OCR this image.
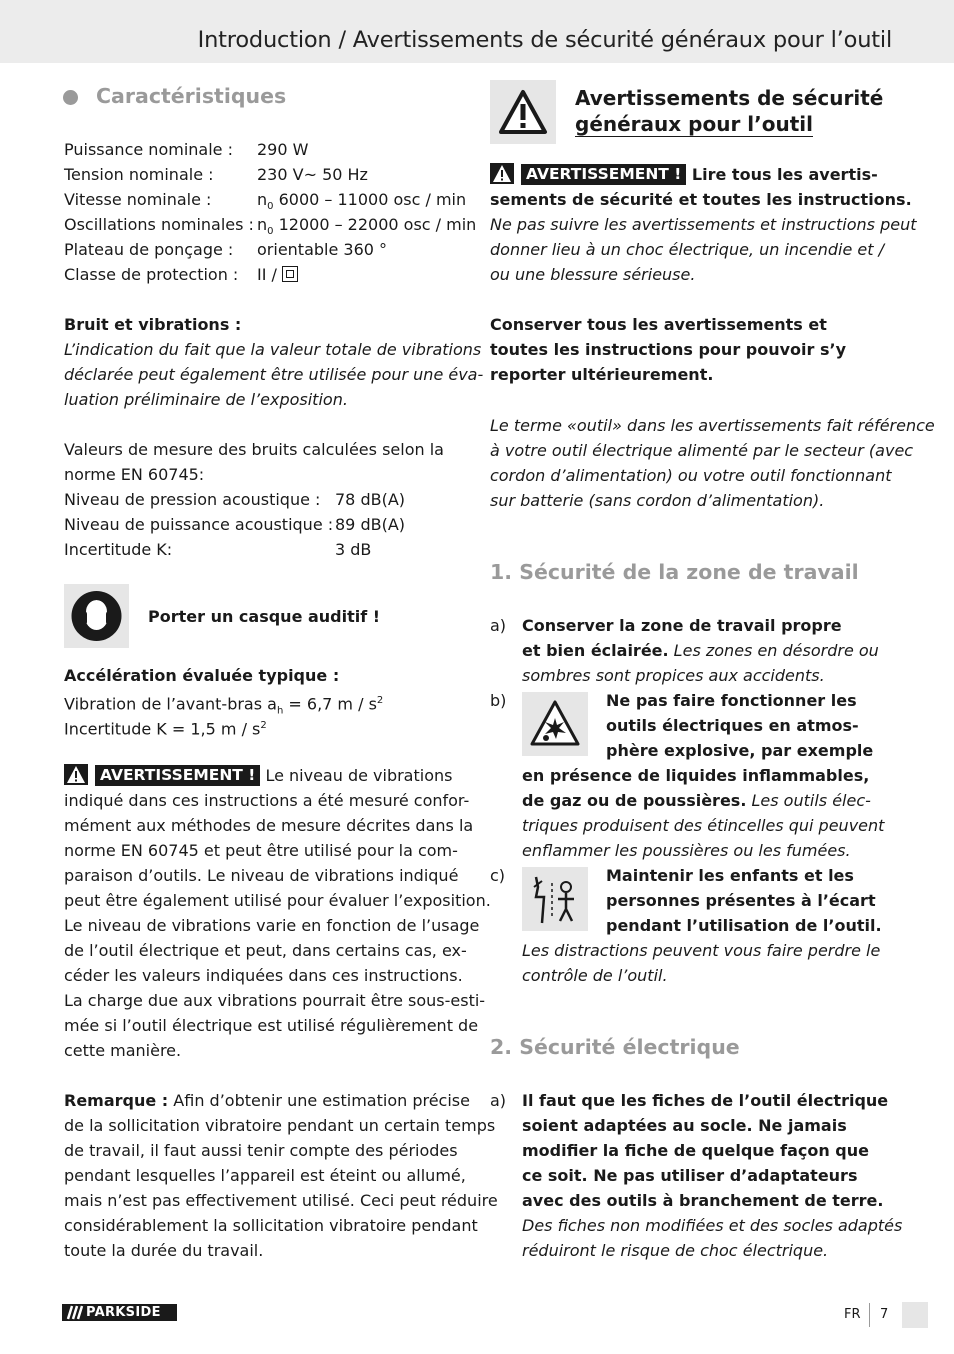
Introduction / Avertissements de sécurité généraux pour l’outil
Caractéristiques
Puissance nominale : 290 W
Tension nominale :	230 V~ 50 Hz
Vitesse nominale :	$n_0$ 6000 – 11000 osc / min
Oscillations nominales : $n_0$ 12000 – 22000 osc / min
Plateau de ponçage : orientable 360 °
Classe de protection : II /
Bruit et vibrations :
L’indication du fait que la valeur totale de vibrations
déclarée peut également être utilisée pour une éva-
luation préliminaire de l’exposition.
Valeurs de mesure des bruits calculées selon la
norme EN 60745:
Niveau de pression acoustique : 78 dB(A)
Niveau de puissance acoustique : 89 dB(A)
Incertitude K:	3 dB
Porter un casque auditif !
Accélération évaluée typique :
Vibration de l’avant-bras $a_h = 6,7$ m / $s^2$
Incertitude K = 1,5 m / $s^2$
AVERTISSEMENT ! Le niveau de vibrations
indiqué dans ces instructions a été mesuré confor-
mément aux méthodes de mesure décrites dans la
norme EN 60745 et peut être utilisé pour la com-
paraison d’outils. Le niveau de vibrations indiqué
peut être également utilisé pour évaluer l’exposition.
Le niveau de vibrations varie en fonction de l’usage
de l’outil électrique et peut, dans certains cas, ex-
céder les valeurs indiquées dans ces instructions.
La charge due aux vibrations pourrait être sous-esti-
mée si l’outil électrique est utilisé régulièrement de
cette manière.
Remarque : Afin d’obtenir une estimation précise
de la sollicitation vibratoire pendant un certain temps
de travail, il faut aussi tenir compte des périodes
pendant lesquelles l’appareil est éteint ou allumé,
mais n’est pas effectivement utilisé. Ceci peut réduire
considérablement la sollicitation vibratoire pendant
toute la durée du travail.
Avertissements de sécurité
généraux pour l’outil
AVERTISSEMENT ! Lire tous les avertis-
sements de sécurité et toutes les instructions.
Ne pas suivre les avertissements et instructions peut
donner lieu à un choc électrique, un incendie et /
ou une blessure sérieuse.
Conserver tous les avertissements et
toutes les instructions pour pouvoir s’y
reporter ultérieurement.
Le terme «outil» dans les avertissements fait référence
à votre outil électrique alimenté par le secteur (avec
cordon d’alimentation) ou votre outil fonctionnant
sur batterie (sans cordon d’alimentation).
1. Sécurité de la zone de travail
a) Conserver la zone de travail propre
et bien éclairée. Les zones en désordre ou
sombres sont propices aux accidents.
b)	Ne pas faire fonctionner les
outils électriques en atmos-
phère explosive, par exemple
en présence de liquides inflammables,
de gaz ou de poussières. Les outils élec-
triques produisent des étincelles qui peuvent
enflammer les poussières ou les fumées.
c)	Maintenir les enfants et les
personnes présentes à l’écart
pendant l’utilisation de l’outil.
Les distractions peuvent vous faire perdre le
contrôle de l’outil.
2. Sécurité électrique
a) Il faut que les fiches de l’outil électrique
soient adaptées au socle. Ne jamais
modifier la fiche de quelque façon que
ce soit. Ne pas utiliser d’adaptateurs
avec des outils à branchement de terre.
Des fiches non modifiées et des socles adaptés
réduiront le risque de choc électrique.
PARKSIDE	FR 7
